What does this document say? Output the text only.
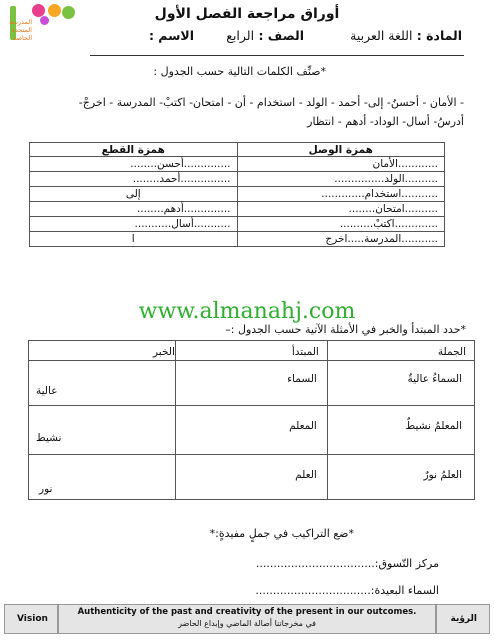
المدرسة
المتحدة
الخاصة
أوراق مراجعة الفصل الأول
المادة : اللغة العربية
الصف : الرابع
الاسم :
*صنِّف الكلمات التالية حسب الجدول :
- الأمان - أحسنُ- إلى- أحمد - الولد - استخدام - أن - امتحان- اكتبْ- المدرسة - اخرجْ-
أدرسُ- أسال- الوداد- أدهم - انتظار
همزة الوصل	همزة القطع
............الأمان	..............أحسن........
..........الولد...............	...............أحمد........
...........استخدام.............	إلى
..........امتحان........	..............أدهم........
.............اكتبْ..........	...........أسال...........
...........المدرسة.....اخرج	ا
www.almanahj.com
*حدد المبتدأ والخبر في الأمثلة الآتية حسب الجدول :–
الجملة	المبتدأ	الخبر

السماءُ عاليةٌ	السماء	عالية

المعلمُ نشيطٌ	المعلم	نشيط

العلمُ نورٌ	العلم	نور
*ضع التراكيب في جملٍ مفيدةٍ:*
مركز التّسوق:..................................
السماء البعيدة:.................................
Vision
Authenticity of the past and creativity of the present in our outcomes.
في مخرجاتنا أصالة الماضي وإبداع الحاضر	الرؤية
